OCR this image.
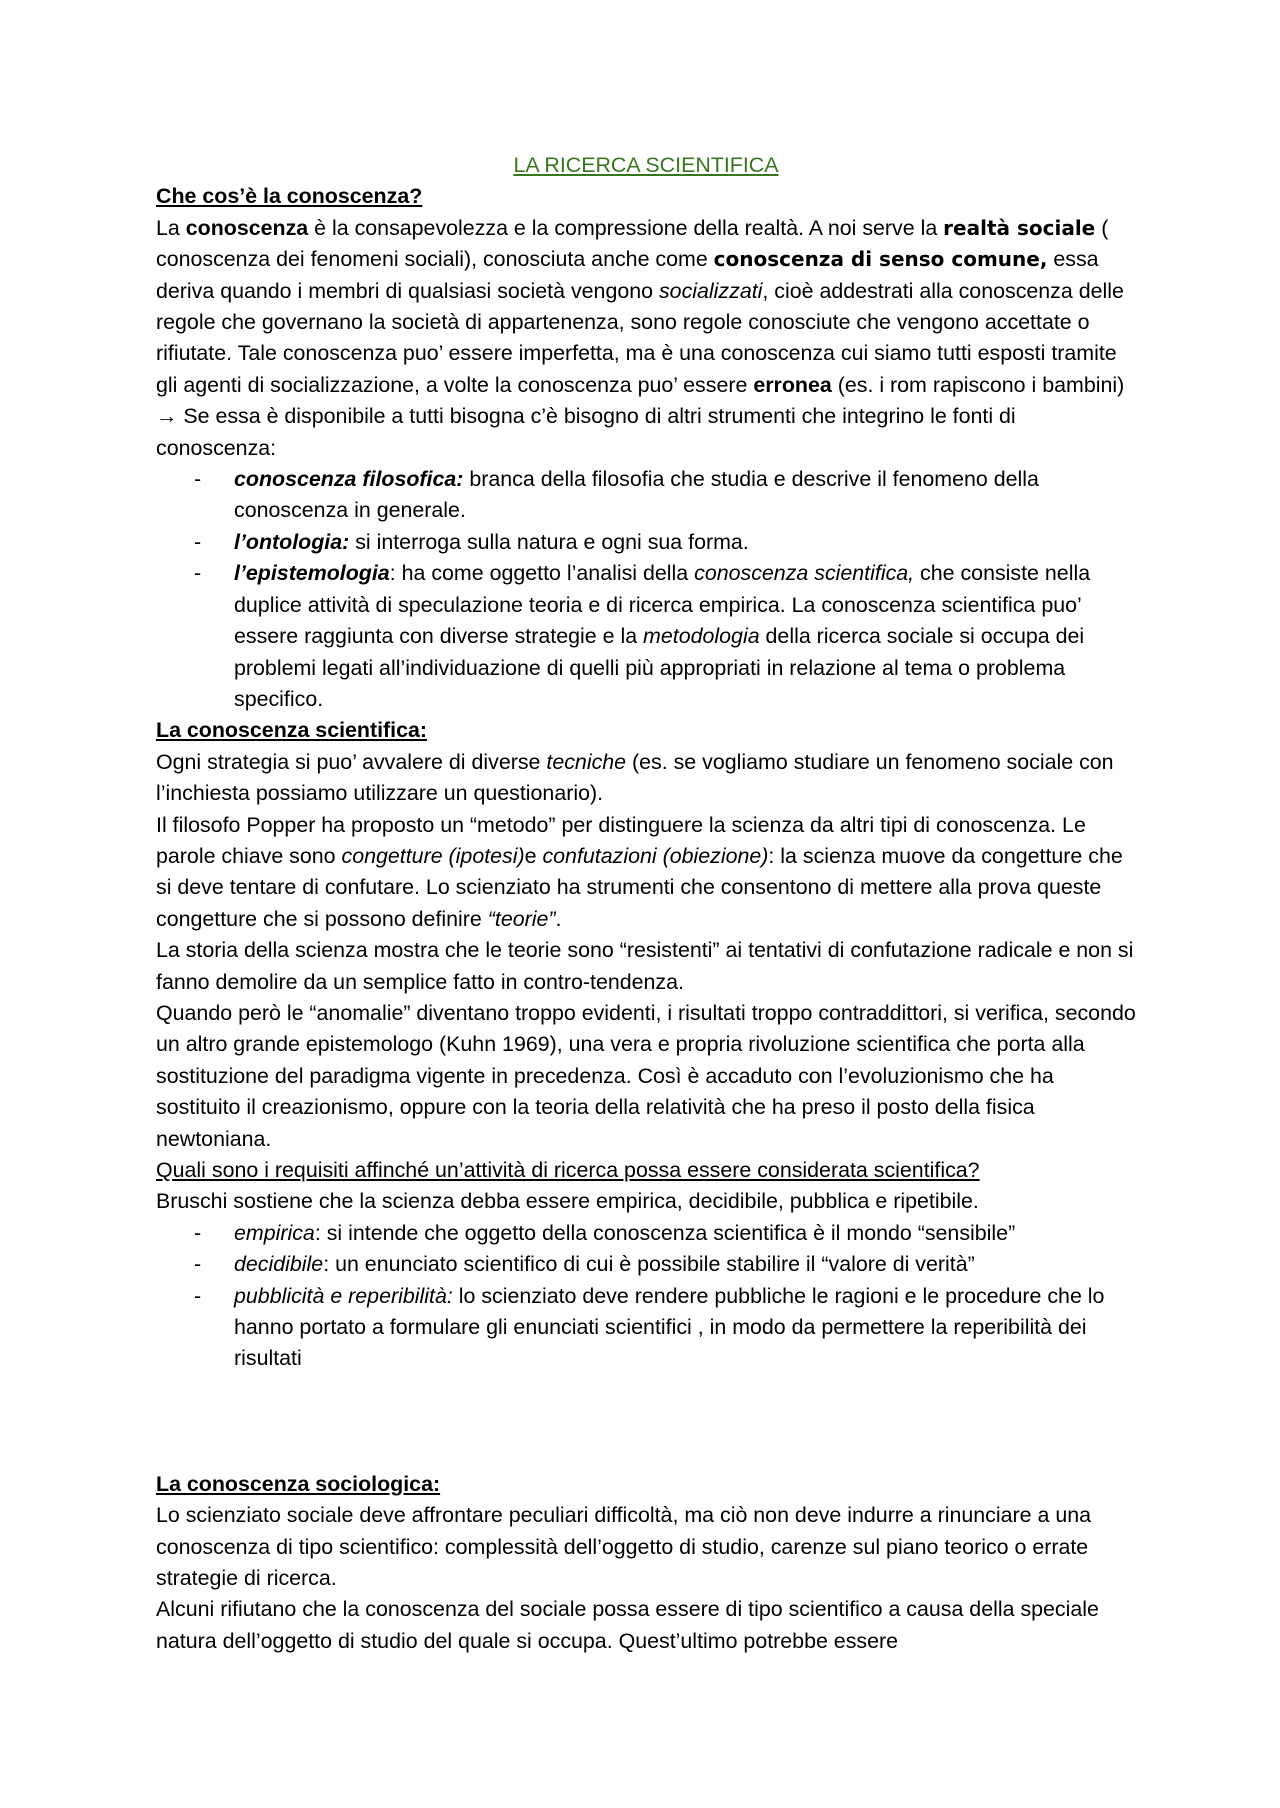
LA RICERCA SCIENTIFICA

Che cos’è la conoscenza?

La conoscenza è la consapevolezza e la compressione della realtà. A noi serve la realtà sociale ( conoscenza dei fenomeni sociali), conosciuta anche come conoscenza di senso comune, essa deriva quando i membri di qualsiasi società vengono socializzati, cioè addestrati alla conoscenza delle regole che governano la società di appartenenza, sono regole conosciute che vengono accettate o rifiutate. Tale conoscenza puo’ essere imperfetta, ma è una conoscenza cui siamo tutti esposti tramite gli agenti di socializzazione, a volte la conoscenza puo’ essere erronea (es. i rom rapiscono i bambini) → Se essa è disponibile a tutti bisogna c’è bisogno di altri strumenti che integrino le fonti di conoscenza:

- conoscenza filosofica: branca della filosofia che studia e descrive il fenomeno della conoscenza in generale.
- l’ontologia: si interroga sulla natura e ogni sua forma.
- l’epistemologia: ha come oggetto l’analisi della conoscenza scientifica, che consiste nella duplice attività di speculazione teoria e di ricerca empirica. La conoscenza scientifica puo’ essere raggiunta con diverse strategie e la metodologia della ricerca sociale si occupa dei problemi legati all’individuazione di quelli più appropriati in relazione al tema o problema specifico.

La conoscenza scientifica:

Ogni strategia si puo’ avvalere di diverse tecniche (es. se vogliamo studiare un fenomeno sociale con l’inchiesta possiamo utilizzare un questionario).

Il filosofo Popper ha proposto un “metodo” per distinguere la scienza da altri tipi di conoscenza. Le parole chiave sono congetture (ipotesi)e confutazioni (obiezione): la scienza muove da congetture che si deve tentare di confutare. Lo scienziato ha strumenti che consentono di mettere alla prova queste congetture che si possono definire “teorie”.

La storia della scienza mostra che le teorie sono “resistenti” ai tentativi di confutazione radicale e non si fanno demolire da un semplice fatto in contro-tendenza.

Quando però le “anomalie” diventano troppo evidenti, i risultati troppo contraddittori, si verifica, secondo un altro grande epistemologo (Kuhn 1969), una vera e propria rivoluzione scientifica che porta alla sostituzione del paradigma vigente in precedenza. Così è accaduto con l’evoluzionismo che ha sostituito il creazionismo, oppure con la teoria della relatività che ha preso il posto della fisica newtoniana.

Quali sono i requisiti affinché un’attività di ricerca possa essere considerata scientifica?

Bruschi sostiene che la scienza debba essere empirica, decidibile, pubblica e ripetibile.

- empirica: si intende che oggetto della conoscenza scientifica è il mondo “sensibile”
- decidibile: un enunciato scientifico di cui è possibile stabilire il “valore di verità”
- pubblicità e reperibilità: lo scienziato deve rendere pubbliche le ragioni e le procedure che lo hanno portato a formulare gli enunciati scientifici , in modo da permettere la reperibilità dei risultati

La conoscenza sociologica:

Lo scienziato sociale deve affrontare peculiari difficoltà, ma ciò non deve indurre a rinunciare a una conoscenza di tipo scientifico: complessità dell’oggetto di studio, carenze sul piano teorico o errate strategie di ricerca.

Alcuni rifiutano che la conoscenza del sociale possa essere di tipo scientifico a causa della speciale natura dell’oggetto di studio del quale si occupa. Quest’ultimo potrebbe essere
